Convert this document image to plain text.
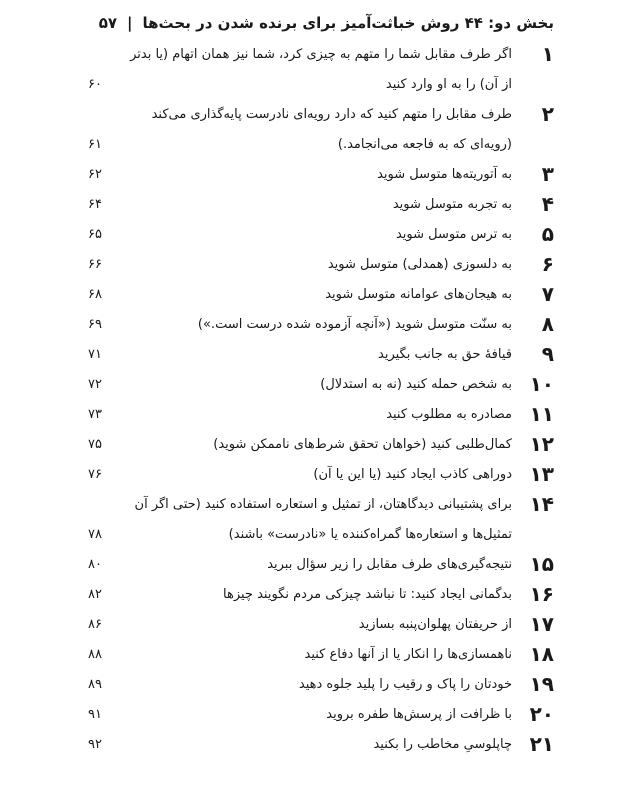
بخش دو: ۴۴ روش خباثت‌آمیز برای برنده شدن در بحث‌ها
|
۵۷
۱
اگر طرف مقابل شما را متهم به چیزی کرد، شما نیز همان اتهام (یا بدتر
از آن) را به او وارد کنید
۶۰
۲
طرف مقابل را متهم کنید که دارد رویه‌ای نادرست پایه‌گذاری می‌کند
(رویه‌ای که به فاجعه می‌انجامد.)
۶۱
۳
به آتوریته‌ها متوسل شوید
۶۲
۴
به تجربه متوسل شوید
۶۴
۵
به ترس متوسل شوید
۶۵
۶
به دلسوزی (همدلی) متوسل شوید
۶۶
۷
به هیجان‌های عوامانه متوسل شوید
۶۸
۸
به سنّت متوسل شوید («آنچه آزموده شده درست است.»)
۶۹
۹
قیافهٔ حق به جانب بگیرید
۷۱
۱۰
به شخص حمله کنید (نه به استدلال)
۷۲
۱۱
مصادره به مطلوب کنید
۷۳
۱۲
کمال‌طلبی کنید (خواهان تحقق شرط‌های ناممکن شوید)
۷۵
۱۳
دوراهی کاذب ایجاد کنید (یا این یا آن)
۷۶
۱۴
برای پشتیبانی دیدگاهتان، از تمثیل و استعاره استفاده کنید (حتی اگر آن
تمثیل‌ها و استعاره‌ها گمراه‌کننده یا «نادرست» باشند)
۷۸
۱۵
نتیجه‌گیری‌های طرف مقابل را زیر سؤال ببرید
۸۰
۱۶
بدگمانی ایجاد کنید: تا نباشد چیزکی مردم نگویند چیزها
۸۲
۱۷
از حریفتان پهلوان‌پنبه بسازید
۸۶
۱۸
ناهمسازی‌ها را انکار یا از آنها دفاع کنید
۸۸
۱۹
خودتان را پاک و رقیب را پلید جلوه دهید
۸۹
۲۰
با ظرافت از پرسش‌ها طفره بروید
۹۱
۲۱
چاپلوسیِ مخاطب را بکنید
۹۲
